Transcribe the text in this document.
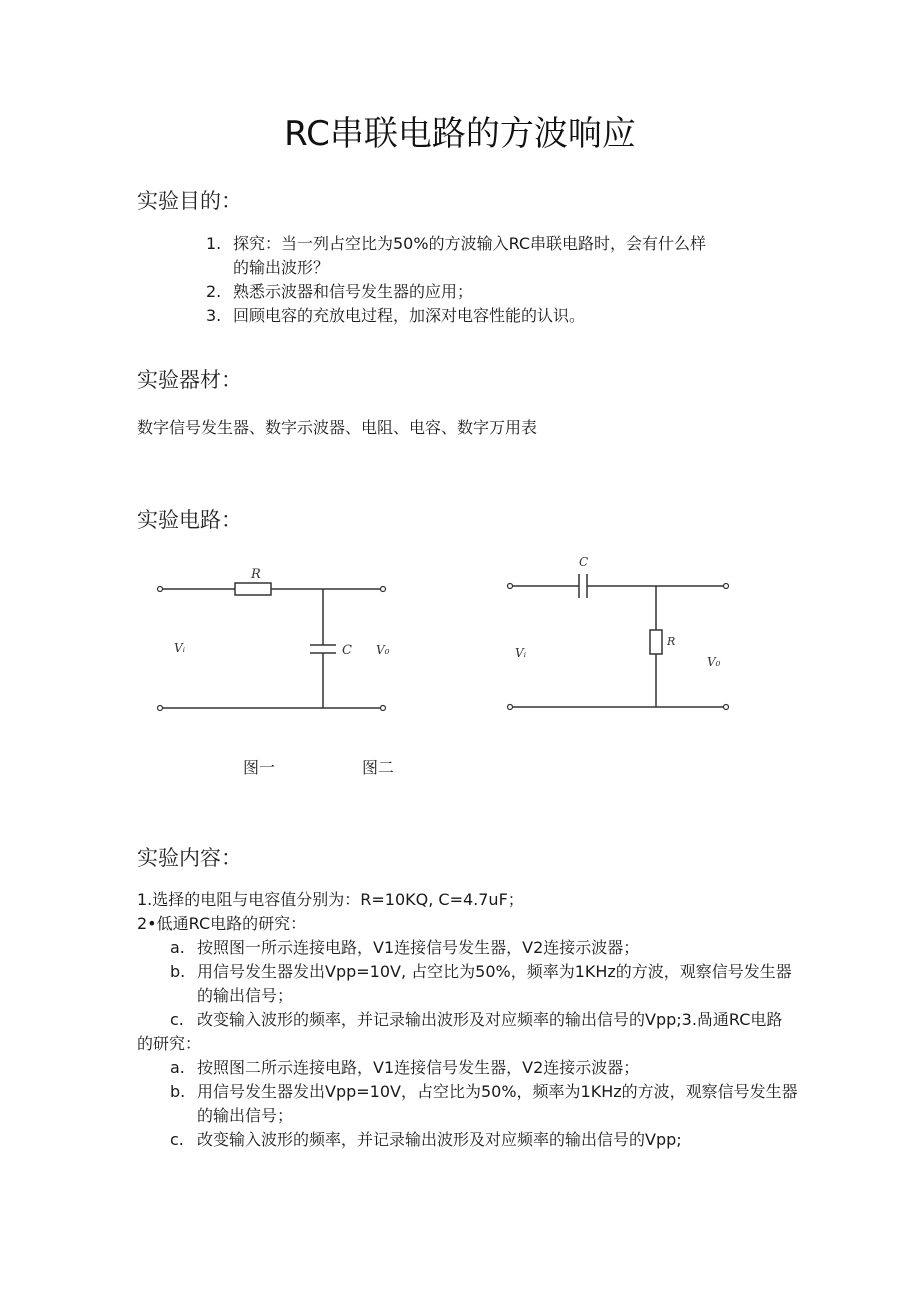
RC串联电路的方波响应
实验目的：
1. 探究：当一列占空比为50%的方波输入RC串联电路时，会有什么样
的输出波形？
2. 熟悉示波器和信号发生器的应用；
3. 回顾电容的充放电过程，加深对电容性能的认识。
实验器材：
数字信号发生器、数字示波器、电阻、电容、数字万用表
实验电路：
R
C
Vᵢ	V₀
C
R
Vᵢ
V₀
图一	图二
实验内容：
1.选择的电阻与电容值分别为：R=10KQ, C=4.7uF；
2•低通RC电路的研究：
a. 按照图一所示连接电路，V1连接信号发生器，V2连接示波器；
b. 用信号发生器发出Vpp=10V, 占空比为50%，频率为1KHz的方波，观察信号发生器
的输出信号；
c. 改变输入波形的频率，并记录输出波形及对应频率的输出信号的Vpp;3.咼通RC电路
的研究：
a. 按照图二所示连接电路，V1连接信号发生器，V2连接示波器；
b. 用信号发生器发出Vpp=10V，占空比为50%，频率为1KHz的方波，观察信号发生器
的输出信号；
c. 改变输入波形的频率，并记录输出波形及对应频率的输出信号的Vpp;
